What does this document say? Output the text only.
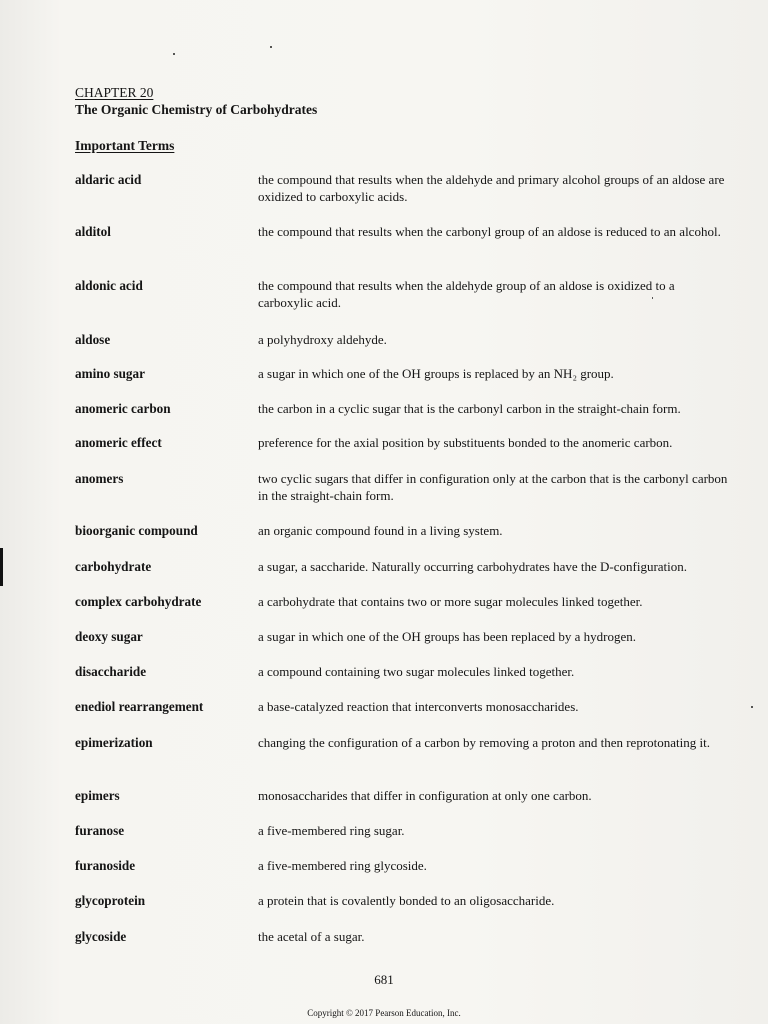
CHAPTER 20
The Organic Chemistry of Carbohydrates
Important Terms
aldaric acid	the compound that results when the aldehyde and primary alcohol groups of an aldose are oxidized to carboxylic acids.
alditol	the compound that results when the carbonyl group of an aldose is reduced to an alcohol.
aldonic acid	the compound that results when the aldehyde group of an aldose is oxidized to a carboxylic acid.
aldose	a polyhydroxy aldehyde.
amino sugar	a sugar in which one of the OH groups is replaced by an NH₂ group.
anomeric carbon	the carbon in a cyclic sugar that is the carbonyl carbon in the straight-chain form.
anomeric effect	preference for the axial position by substituents bonded to the anomeric carbon.
anomers	two cyclic sugars that differ in configuration only at the carbon that is the carbonyl carbon in the straight-chain form.
bioorganic compound	an organic compound found in a living system.
carbohydrate	a sugar, a saccharide. Naturally occurring carbohydrates have the D-configuration.
complex carbohydrate	a carbohydrate that contains two or more sugar molecules linked together.
deoxy sugar	a sugar in which one of the OH groups has been replaced by a hydrogen.
disaccharide	a compound containing two sugar molecules linked together.
enediol rearrangement	a base-catalyzed reaction that interconverts monosaccharides.
epimerization	changing the configuration of a carbon by removing a proton and then reprotonating it.
epimers	monosaccharides that differ in configuration at only one carbon.
furanose	a five-membered ring sugar.
furanoside	a five-membered ring glycoside.
glycoprotein	a protein that is covalently bonded to an oligosaccharide.
glycoside	the acetal of a sugar.
681
Copyright © 2017 Pearson Education, Inc.
